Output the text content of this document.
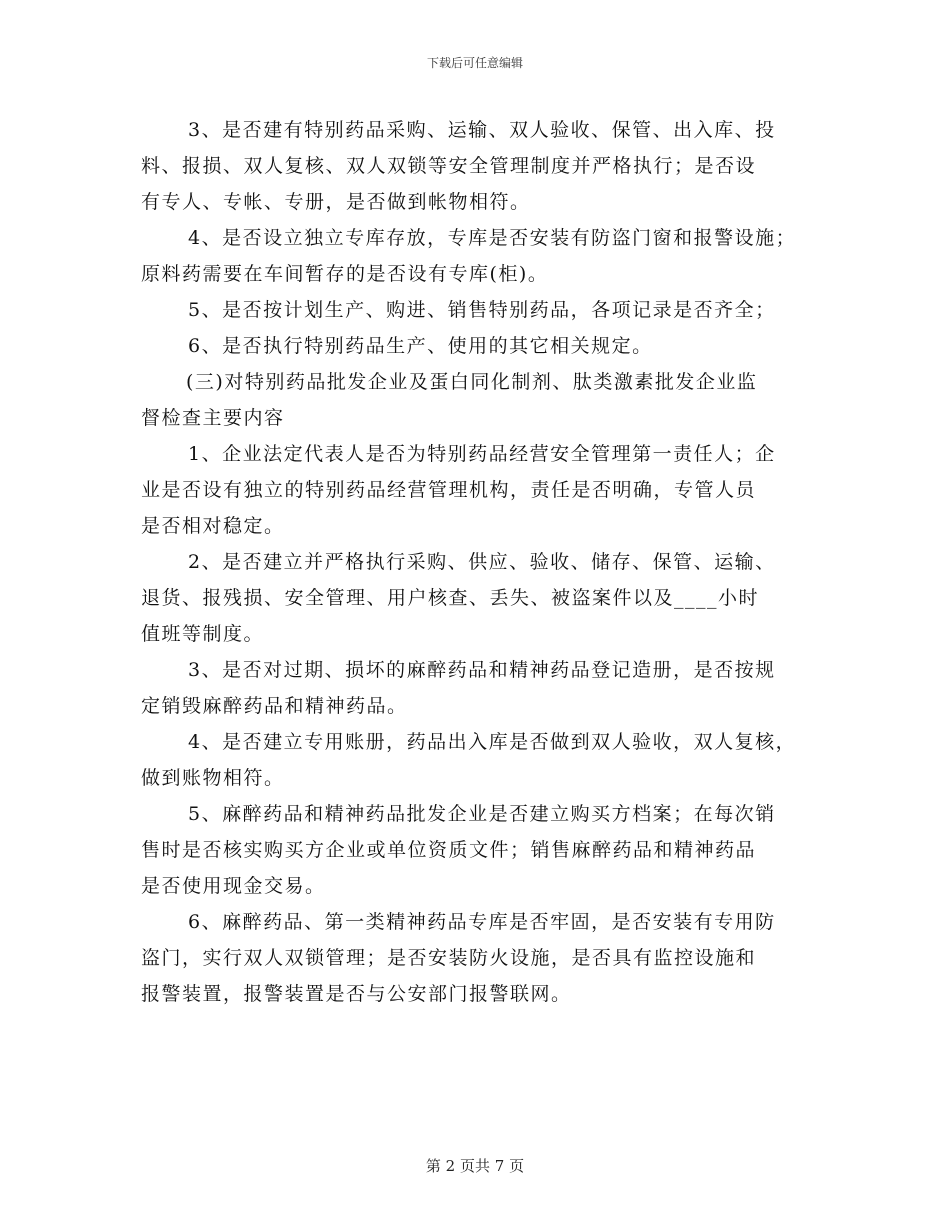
下载后可任意编辑

3、是否建有特别药品采购、运输、双人验收、保管、出入库、投
料、报损、双人复核、双人双锁等安全管理制度并严格执行；是否设
有专人、专帐、专册，是否做到帐物相符。

4、是否设立独立专库存放，专库是否安装有防盗门窗和报警设施；
原料药需要在车间暂存的是否设有专库(柜)。

5、是否按计划生产、购进、销售特别药品，各项记录是否齐全；

6、是否执行特别药品生产、使用的其它相关规定。

(三)对特别药品批发企业及蛋白同化制剂、肽类激素批发企业监
督检查主要内容

1、企业法定代表人是否为特别药品经营安全管理第一责任人；企
业是否设有独立的特别药品经营管理机构，责任是否明确，专管人员
是否相对稳定。

2、是否建立并严格执行采购、供应、验收、储存、保管、运输、
退货、报残损、安全管理、用户核查、丢失、被盗案件以及____小时
值班等制度。

3、是否对过期、损坏的麻醉药品和精神药品登记造册，是否按规
定销毁麻醉药品和精神药品。

4、是否建立专用账册，药品出入库是否做到双人验收，双人复核，
做到账物相符。

5、麻醉药品和精神药品批发企业是否建立购买方档案；在每次销
售时是否核实购买方企业或单位资质文件；销售麻醉药品和精神药品
是否使用现金交易。

6、麻醉药品、第一类精神药品专库是否牢固，是否安装有专用防
盗门，实行双人双锁管理；是否安装防火设施，是否具有监控设施和
报警装置，报警装置是否与公安部门报警联网。

第 2 页共 7 页
